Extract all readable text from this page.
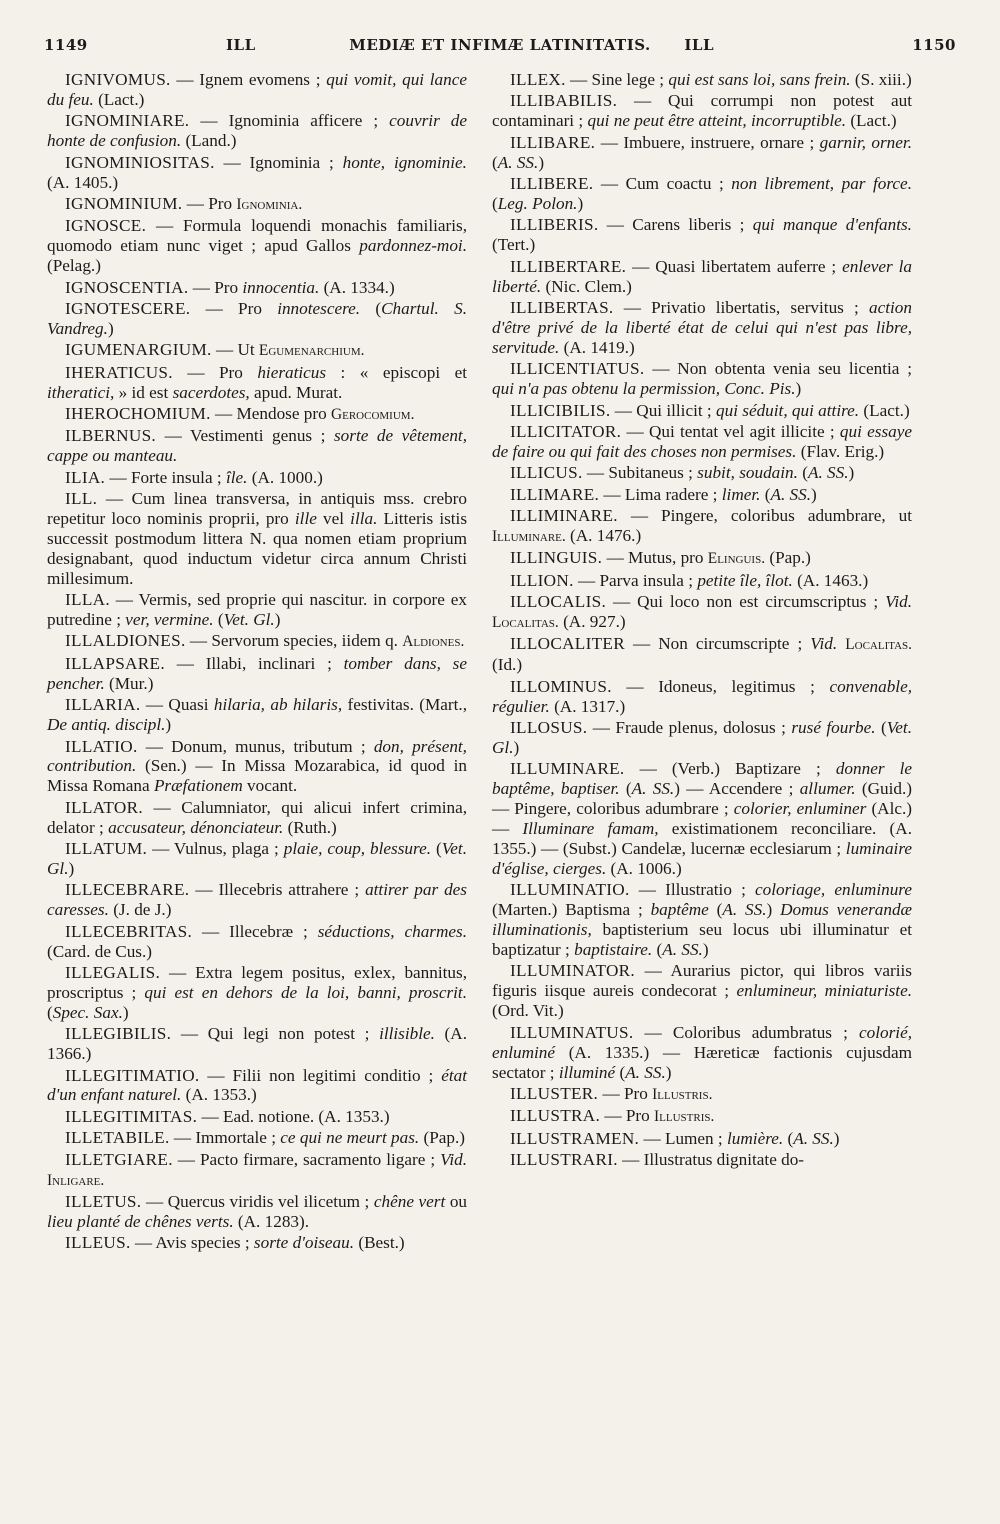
1149	ILL	MEDIÆ ET INFIMÆ LATINITATIS.	ILL	1150

IGNIVOMUS. — Ignem evomens ; qui vomit, qui lance du feu. (Lact.)

IGNOMINIARE. — Ignominia afficere ; couvrir de honte de confusion. (Land.)

IGNOMINIOSITAS. — Ignominia ; honte, ignominie. (A. 1405.)

IGNOMINIUM. — Pro Ignominia.

IGNOSCE. — Formula loquendi monachis familiaris, quomodo etiam nunc viget ; apud Gallos pardonnez-moi. (Pelag.)

IGNOSCENTIA. — Pro innocentia. (A. 1334.)

IGNOTESCERE. — Pro innotescere. (Chartul. S. Vandreg.)

IGUMENARGIUM. — Ut Egumenarchium.

IHERATICUS. — Pro hieraticus : « episcopi et itheratici, » id est sacerdotes, apud. Murat.

IHEROCHOMIUM. — Mendose pro Gerocomium.

ILBERNUS. — Vestimenti genus ; sorte de vêtement, cappe ou manteau.

ILIA. — Forte insula ; île. (A. 1000.)

ILL. — Cum linea transversa, in antiquis mss. crebro repetitur loco nominis proprii, pro ille vel illa. Litteris istis successit postmodum littera N. qua nomen etiam proprium designabant, quod inductum videtur circa annum Christi millesimum.

ILLA. — Vermis, sed proprie qui nascitur. in corpore ex putredine ; ver, vermine. (Vet. Gl.)

ILLALDIONES. — Servorum species, iidem q. Aldiones.

ILLAPSARE. — Illabi, inclinari ; tomber dans, se pencher. (Mur.)

ILLARIA. — Quasi hilaria, ab hilaris, festivitas. (Mart., De antiq. discipl.)

ILLATIO. — Donum, munus, tributum ; don, présent, contribution. (Sen.) — In Missa Mozarabica, id quod in Missa Romana Præfationem vocant.

ILLATOR. — Calumniator, qui alicui infert crimina, delator ; accusateur, dénonciateur. (Ruth.)

ILLATUM. — Vulnus, plaga ; plaie, coup, blessure. (Vet. Gl.)

ILLECEBRARE. — Illecebris attrahere ; attirer par des caresses. (J. de J.)

ILLECEBRITAS. — Illecebræ ; séductions, charmes. (Card. de Cus.)

ILLEGALIS. — Extra legem positus, exlex, bannitus, proscriptus ; qui est en dehors de la loi, banni, proscrit. (Spec. Sax.)

ILLEGIBILIS. — Qui legi non potest ; illisible. (A. 1366.)

ILLEGITIMATIO. — Filii non legitimi conditio ; état d'un enfant naturel. (A. 1353.)

ILLEGITIMITAS. — Ead. notione. (A. 1353.)

ILLETABILE. — Immortale ; ce qui ne meurt pas. (Pap.)

ILLETGIARE. — Pacto firmare, sacramento ligare ; Vid. Inligare.

ILLETUS. — Quercus viridis vel ilicetum ; chêne vert ou lieu planté de chênes verts. (A. 1283).

ILLEUS. — Avis species ; sorte d'oiseau. (Best.)

ILLEX. — Sine lege ; qui est sans loi, sans frein. (S. xiii.)

ILLIBABILIS. — Qui corrumpi non potest aut contaminari ; qui ne peut être atteint, incorruptible. (Lact.)

ILLIBARE. — Imbuere, instruere, ornare ; garnir, orner. (A. SS.)

ILLIBERE. — Cum coactu ; non librement, par force. (Leg. Polon.)

ILLIBERIS. — Carens liberis ; qui manque d'enfants. (Tert.)

ILLIBERTARE. — Quasi libertatem auferre ; enlever la liberté. (Nic. Clem.)

ILLIBERTAS. — Privatio libertatis, servitus ; action d'être privé de la liberté état de celui qui n'est pas libre, servitude. (A. 1419.)

ILLICENTIATUS. — Non obtenta venia seu licentia ; qui n'a pas obtenu la permission, Conc. Pis.)

ILLICIBILIS. — Qui illicit ; qui séduit, qui attire. (Lact.)

ILLICITATOR. — Qui tentat vel agit illicite ; qui essaye de faire ou qui fait des choses non permises. (Flav. Erig.)

ILLICUS. — Subitaneus ; subit, soudain. (A. SS.)

ILLIMARE. — Lima radere ; limer. (A. SS.)

ILLIMINARE. — Pingere, coloribus adumbrare, ut Illuminare. (A. 1476.)

ILLINGUIS. — Mutus, pro Elinguis. (Pap.)

ILLION. — Parva insula ; petite île, îlot. (A. 1463.)

ILLOCALIS. — Qui loco non est circumscriptus ; Vid. Localitas. (A. 927.)

ILLOCALITER — Non circumscripte ; Vid. Localitas. (Id.)

ILLOMINUS. — Idoneus, legitimus ; convenable, régulier. (A. 1317.)

ILLOSUS. — Fraude plenus, dolosus ; rusé fourbe. (Vet. Gl.)

ILLUMINARE. — (Verb.) Baptizare ; donner le baptême, baptiser. (A. SS.) — Accendere ; allumer. (Guid.) — Pingere, coloribus adumbrare ; colorier, enluminer (Alc.) — Illuminare famam, existimationem reconciliare. (A. 1355.) — (Subst.) Candelæ, lucernæ ecclesiarum ; luminaire d'église, cierges. (A. 1006.)

ILLUMINATIO. — Illustratio ; coloriage, enluminure (Marten.) Baptisma ; baptême (A. SS.) Domus venerandæ illuminationis, baptisterium seu locus ubi illuminatur et baptizatur ; baptistaire. (A. SS.)

ILLUMINATOR. — Aurarius pictor, qui libros variis figuris iisque aureis condecorat ; enlumineur, miniaturiste. (Ord. Vit.)

ILLUMINATUS. — Coloribus adumbratus ; colorié, enluminé (A. 1335.) — Hæreticæ factionis cujusdam sectator ; illuminé (A. SS.)

ILLUSTER. — Pro Illustris.

ILLUSTRA. — Pro Illustris.

ILLUSTRAMEN. — Lumen ; lumière. (A. SS.)

ILLUSTRARI. — Illustratus dignitate do-
